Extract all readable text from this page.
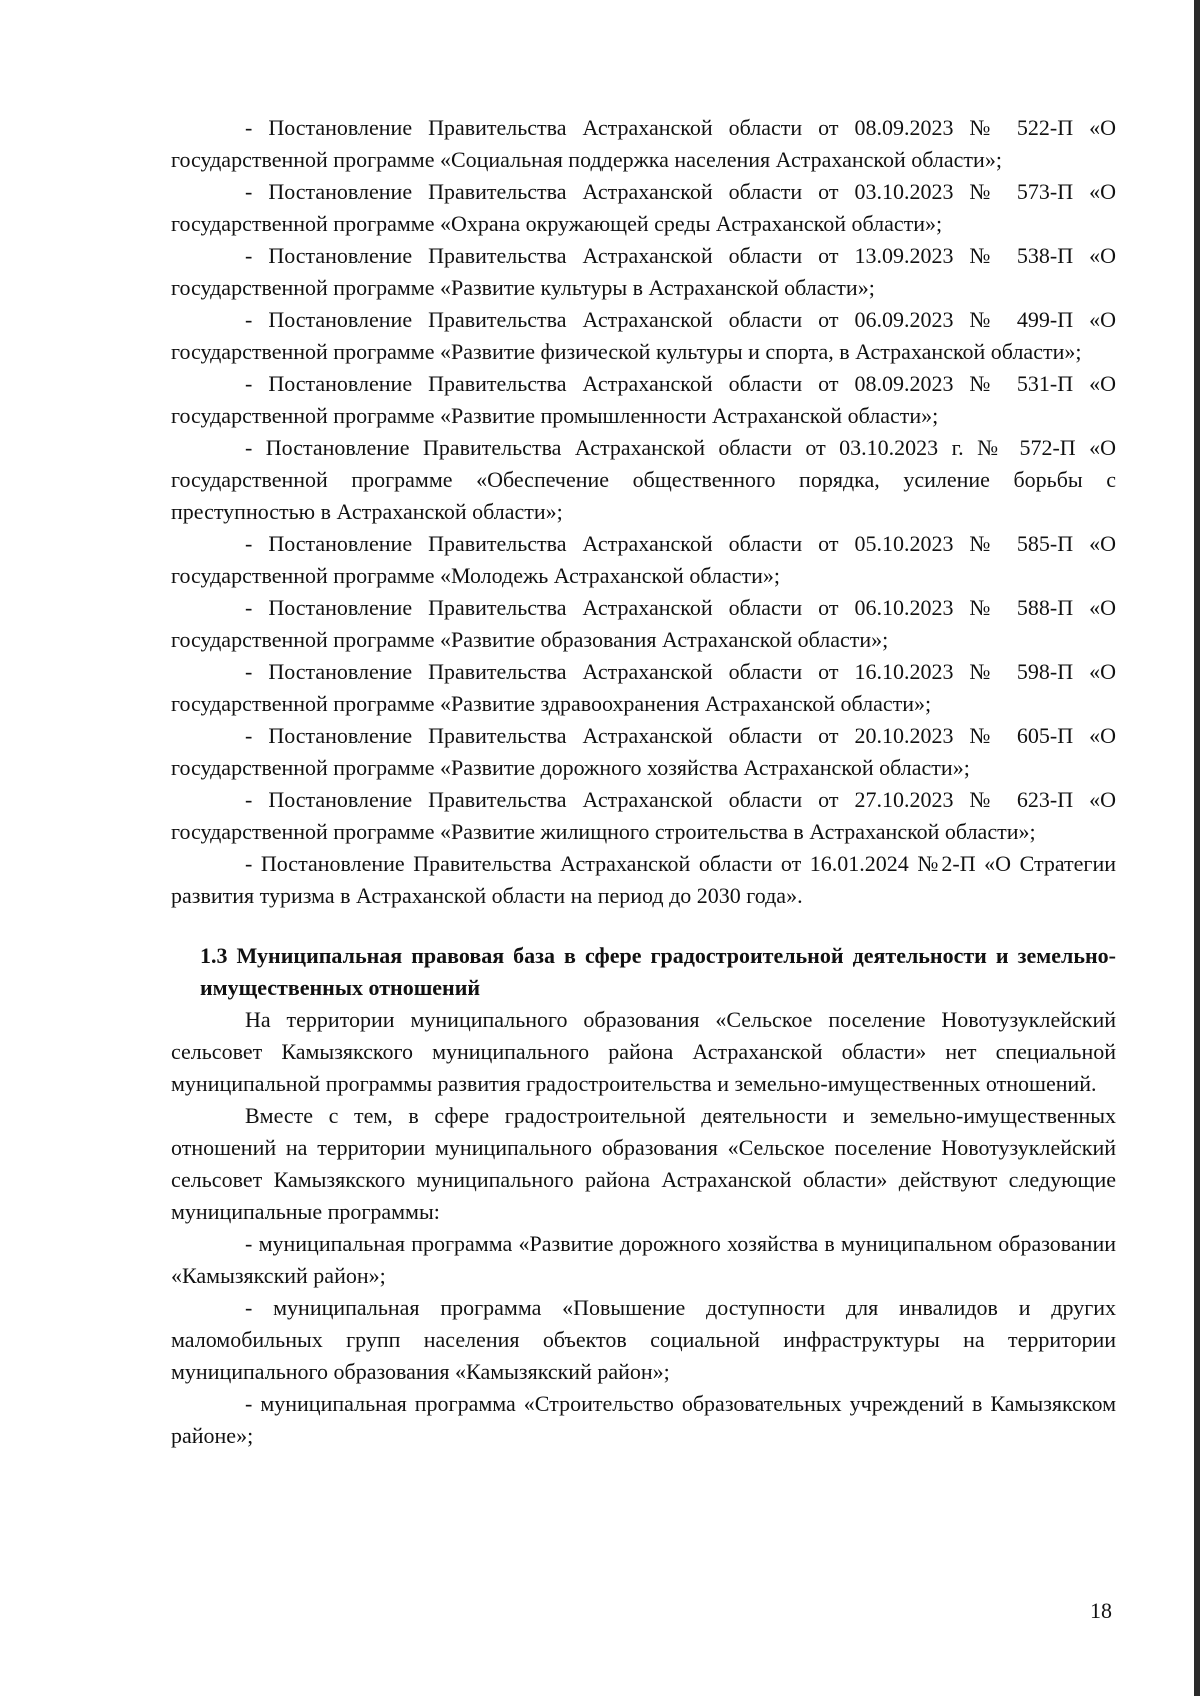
- Постановление Правительства Астраханской области от 08.09.2023 № 522-П «О государственной программе «Социальная поддержка населения Астраханской области»;

- Постановление Правительства Астраханской области от 03.10.2023 № 573-П «О государственной программе «Охрана окружающей среды Астраханской области»;

- Постановление Правительства Астраханской области от 13.09.2023 № 538-П «О государственной программе «Развитие культуры в Астраханской области»;

- Постановление Правительства Астраханской области от 06.09.2023 № 499-П «О государственной программе «Развитие физической культуры и спорта, в Астраханской области»;

- Постановление Правительства Астраханской области от 08.09.2023 № 531-П «О государственной программе «Развитие промышленности Астраханской области»;

- Постановление Правительства Астраханской области от 03.10.2023 г. № 572-П «О государственной программе «Обеспечение общественного порядка, усиление борьбы с преступностью в Астраханской области»;

- Постановление Правительства Астраханской области от 05.10.2023 № 585-П «О государственной программе «Молодежь Астраханской области»;

- Постановление Правительства Астраханской области от 06.10.2023 № 588-П «О государственной программе «Развитие образования Астраханской области»;

- Постановление Правительства Астраханской области от 16.10.2023 № 598-П «О государственной программе «Развитие здравоохранения Астраханской области»;

- Постановление Правительства Астраханской области от 20.10.2023 № 605-П «О государственной программе «Развитие дорожного хозяйства Астраханской области»;

- Постановление Правительства Астраханской области от 27.10.2023 № 623-П «О государственной программе «Развитие жилищного строительства в Астраханской области»;

- Постановление Правительства Астраханской области от 16.01.2024 №2-П «О Стратегии развития туризма в Астраханской области на период до 2030 года».

1.3 Муниципальная правовая база в сфере градостроительной деятельности и земельно-имущественных отношений

На территории муниципального образования «Сельское поселение Новотузуклейский сельсовет Камызякского муниципального района Астраханской области» нет специальной муниципальной программы развития градостроительства и земельно-имущественных отношений.

Вместе с тем, в сфере градостроительной деятельности и земельно-имущественных отношений на территории муниципального образования «Сельское поселение Новотузуклейский сельсовет Камызякского муниципального района Астраханской области» действуют следующие муниципальные программы:

- муниципальная программа «Развитие дорожного хозяйства в муниципальном образовании «Камызякский район»;

- муниципальная программа «Повышение доступности для инвалидов и других маломобильных групп населения объектов социальной инфраструктуры на территории муниципального образования «Камызякский район»;

- муниципальная программа «Строительство образовательных учреждений в Камызякском районе»;

18
